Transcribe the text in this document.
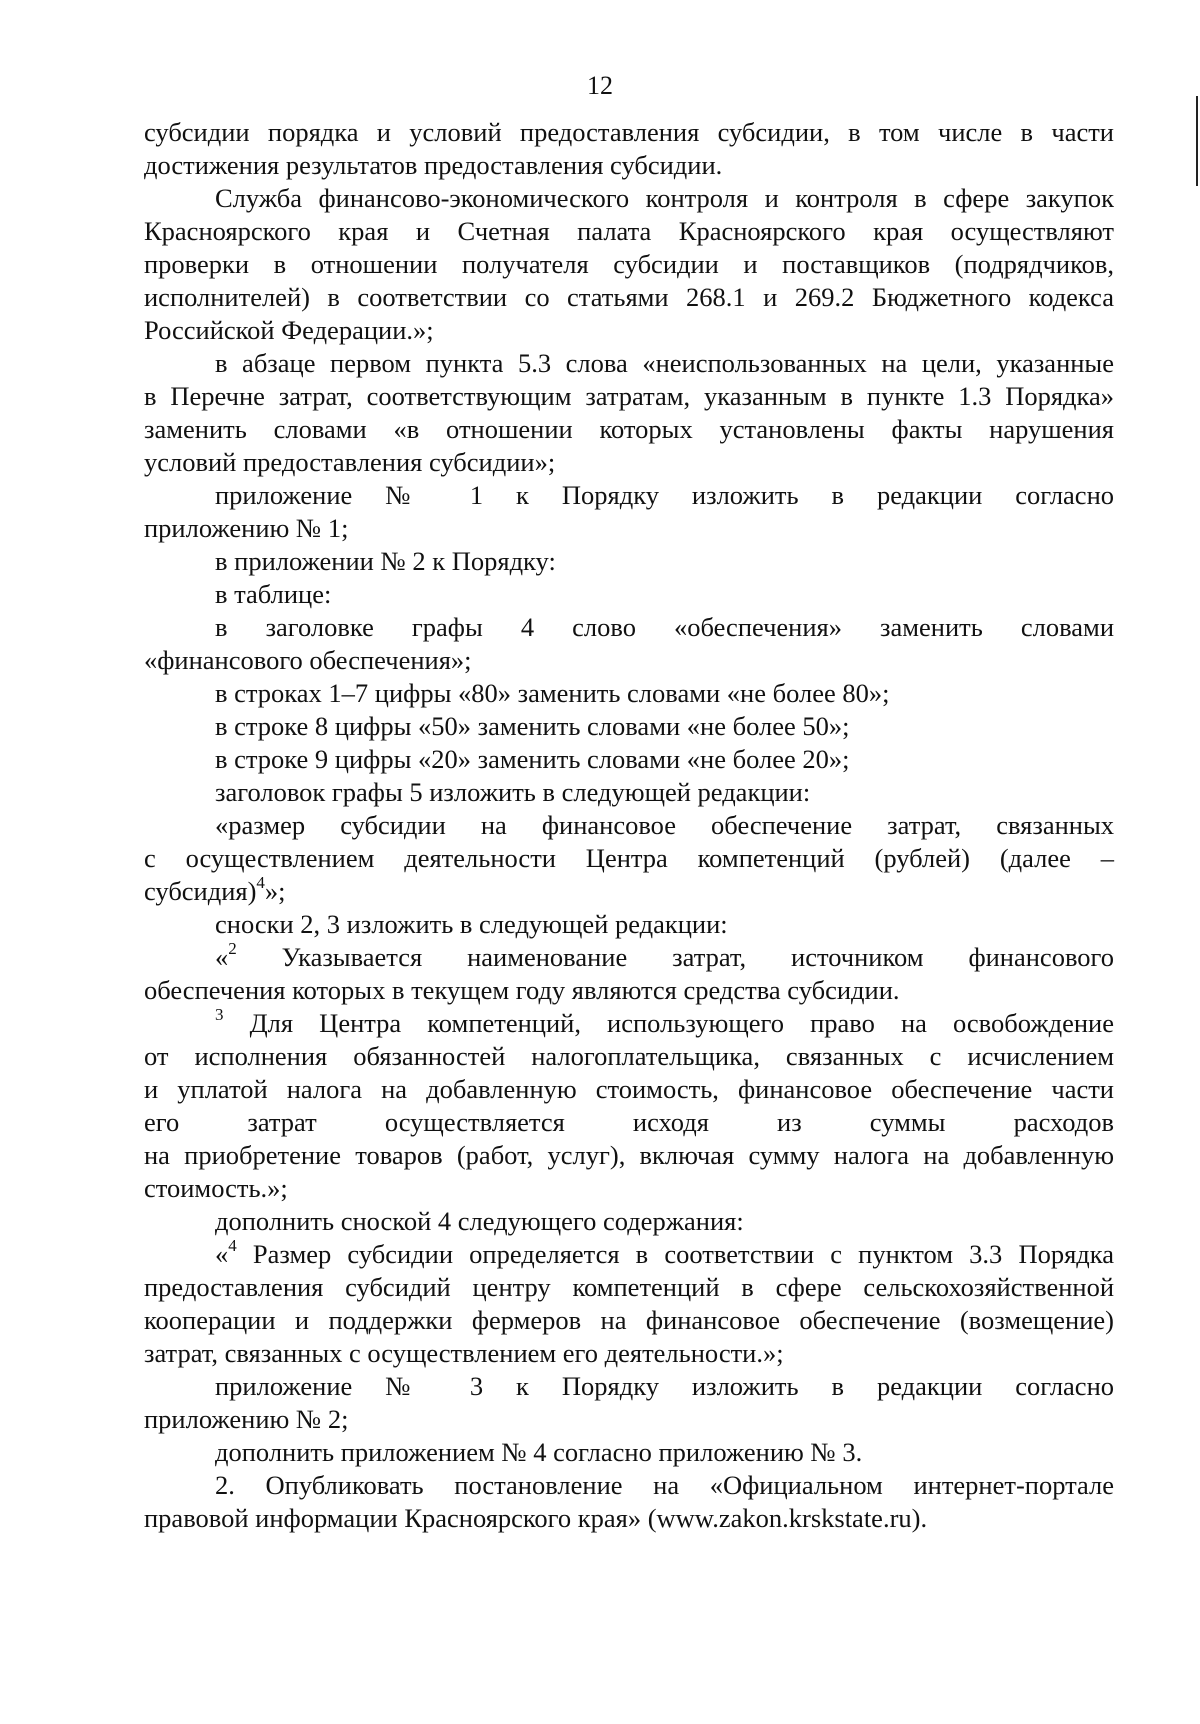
12
субсидии порядка и условий предоставления субсидии, в том числе в части
достижения результатов предоставления субсидии.
Служба финансово-экономического контроля и контроля в сфере закупок
Красноярского края и Счетная палата Красноярского края осуществляют
проверки в отношении получателя субсидии и поставщиков (подрядчиков,
исполнителей) в соответствии со статьями 268.1 и 269.2 Бюджетного кодекса
Российской Федерации.»;
в абзаце первом пункта 5.3 слова «неиспользованных на цели, указанные
в Перечне затрат, соответствующим затратам, указанным в пункте 1.3 Порядка»
заменить словами «в отношении которых установлены факты нарушения
условий предоставления субсидии»;
приложение № 1 к Порядку изложить в редакции согласно
приложению № 1;
в приложении № 2 к Порядку:
в таблице:
в заголовке графы 4 слово «обеспечения» заменить словами
«финансового обеспечения»;
в строках 1–7 цифры «80» заменить словами «не более 80»;
в строке 8 цифры «50» заменить словами «не более 50»;
в строке 9 цифры «20» заменить словами «не более 20»;
заголовок графы 5 изложить в следующей редакции:
«размер субсидии на финансовое обеспечение затрат, связанных
с осуществлением деятельности Центра компетенций (рублей) (далее –
субсидия)$^4$»;
сноски 2, 3 изложить в следующей редакции:
«$^2$ Указывается наименование затрат, источником финансового
обеспечения которых в текущем году являются средства субсидии.
$^3$ Для Центра компетенций, использующего право на освобождение
от исполнения обязанностей налогоплательщика, связанных с исчислением
и уплатой налога на добавленную стоимость, финансовое обеспечение части
его затрат осуществляется исходя из суммы расходов
на приобретение товаров (работ, услуг), включая сумму налога на добавленную
стоимость.»;
дополнить сноской 4 следующего содержания:
«$^4$ Размер субсидии определяется в соответствии с пунктом 3.3 Порядка
предоставления субсидий центру компетенций в сфере сельскохозяйственной
кооперации и поддержки фермеров на финансовое обеспечение (возмещение)
затрат, связанных с осуществлением его деятельности.»;
приложение № 3 к Порядку изложить в редакции согласно
приложению № 2;
дополнить приложением № 4 согласно приложению № 3.
2. Опубликовать постановление на «Официальном интернет-портале
правовой информации Красноярского края» (www.zakon.krskstate.ru).
